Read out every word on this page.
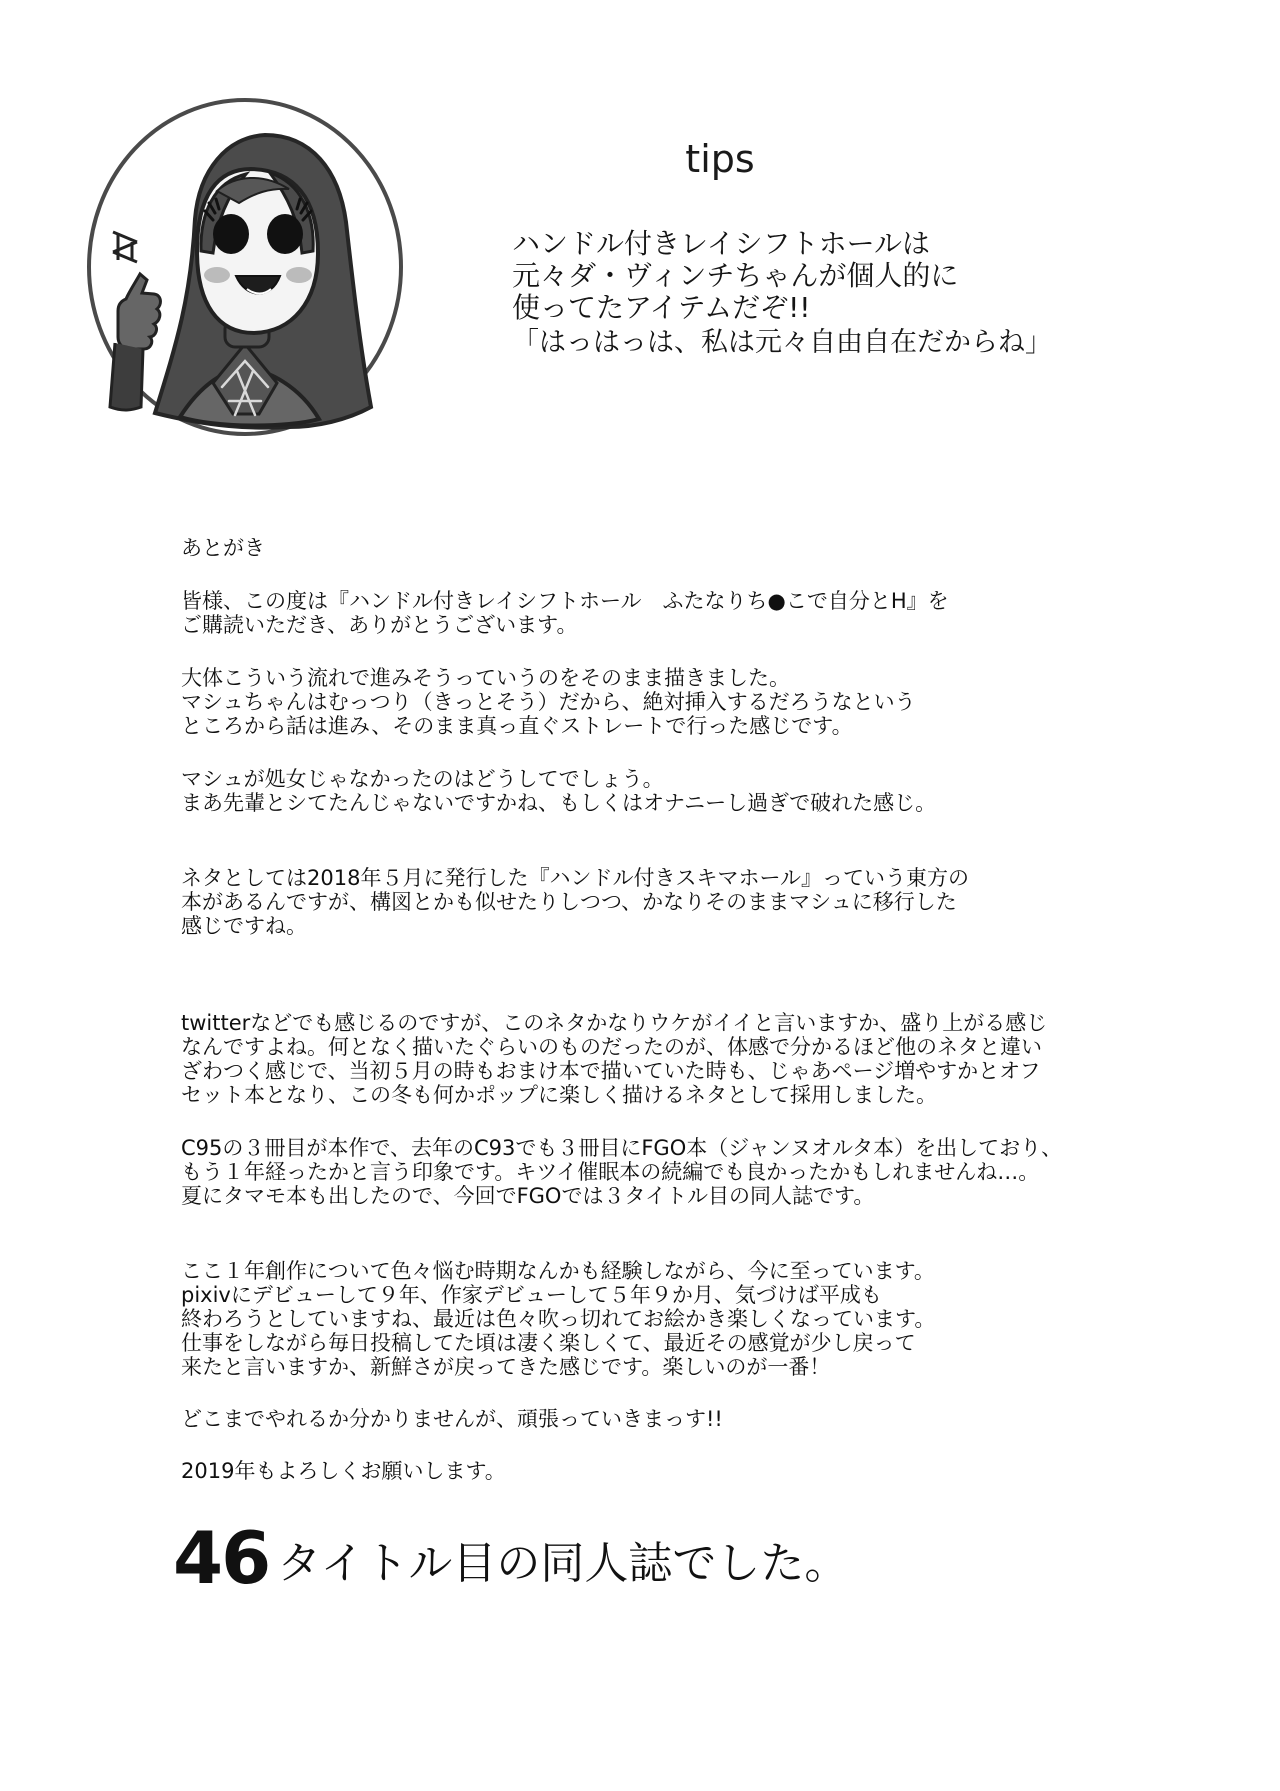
tips
ハンドル付きレイシフトホールは
元々ダ・ヴィンチちゃんが個人的に
使ってたアイテムだぞ!!
「はっはっは、私は元々自由自在だからね」
あとがき

皆様、この度は『ハンドル付きレイシフトホール　ふたなりち●こで自分とH』を
ご購読いただき、ありがとうございます。

大体こういう流れで進みそうっていうのをそのまま描きました。
マシュちゃんはむっつり（きっとそう）だから、絶対挿入するだろうなという
ところから話は進み、そのまま真っ直ぐストレートで行った感じです。

マシュが処女じゃなかったのはどうしてでしょう。
まあ先輩とシてたんじゃないですかね、もしくはオナニーし過ぎで破れた感じ。

ネタとしては2018年５月に発行した『ハンドル付きスキマホール』っていう東方の
本があるんですが、構図とかも似せたりしつつ、かなりそのままマシュに移行した
感じですね。

twitterなどでも感じるのですが、このネタかなりウケがイイと言いますか、盛り上がる感じ
なんですよね。何となく描いたぐらいのものだったのが、体感で分かるほど他のネタと違い
ざわつく感じで、当初５月の時もおまけ本で描いていた時も、じゃあページ増やすかとオフ
セット本となり、この冬も何かポップに楽しく描けるネタとして採用しました。

C95の３冊目が本作で、去年のC93でも３冊目にFGO本（ジャンヌオルタ本）を出しており、
もう１年経ったかと言う印象です。キツイ催眠本の続編でも良かったかもしれませんね…。
夏にタマモ本も出したので、今回でFGOでは３タイトル目の同人誌です。

ここ１年創作について色々悩む時期なんかも経験しながら、今に至っています。
pixivにデビューして９年、作家デビューして５年９か月、気づけば平成も
終わろうとしていますね、最近は色々吹っ切れてお絵かき楽しくなっています。
仕事をしながら毎日投稿してた頃は凄く楽しくて、最近その感覚が少し戻って
来たと言いますか、新鮮さが戻ってきた感じです。楽しいのが一番！

どこまでやれるか分かりませんが、頑張っていきまっす!!

2019年もよろしくお願いします。

46 タイトル目の同人誌でした。
